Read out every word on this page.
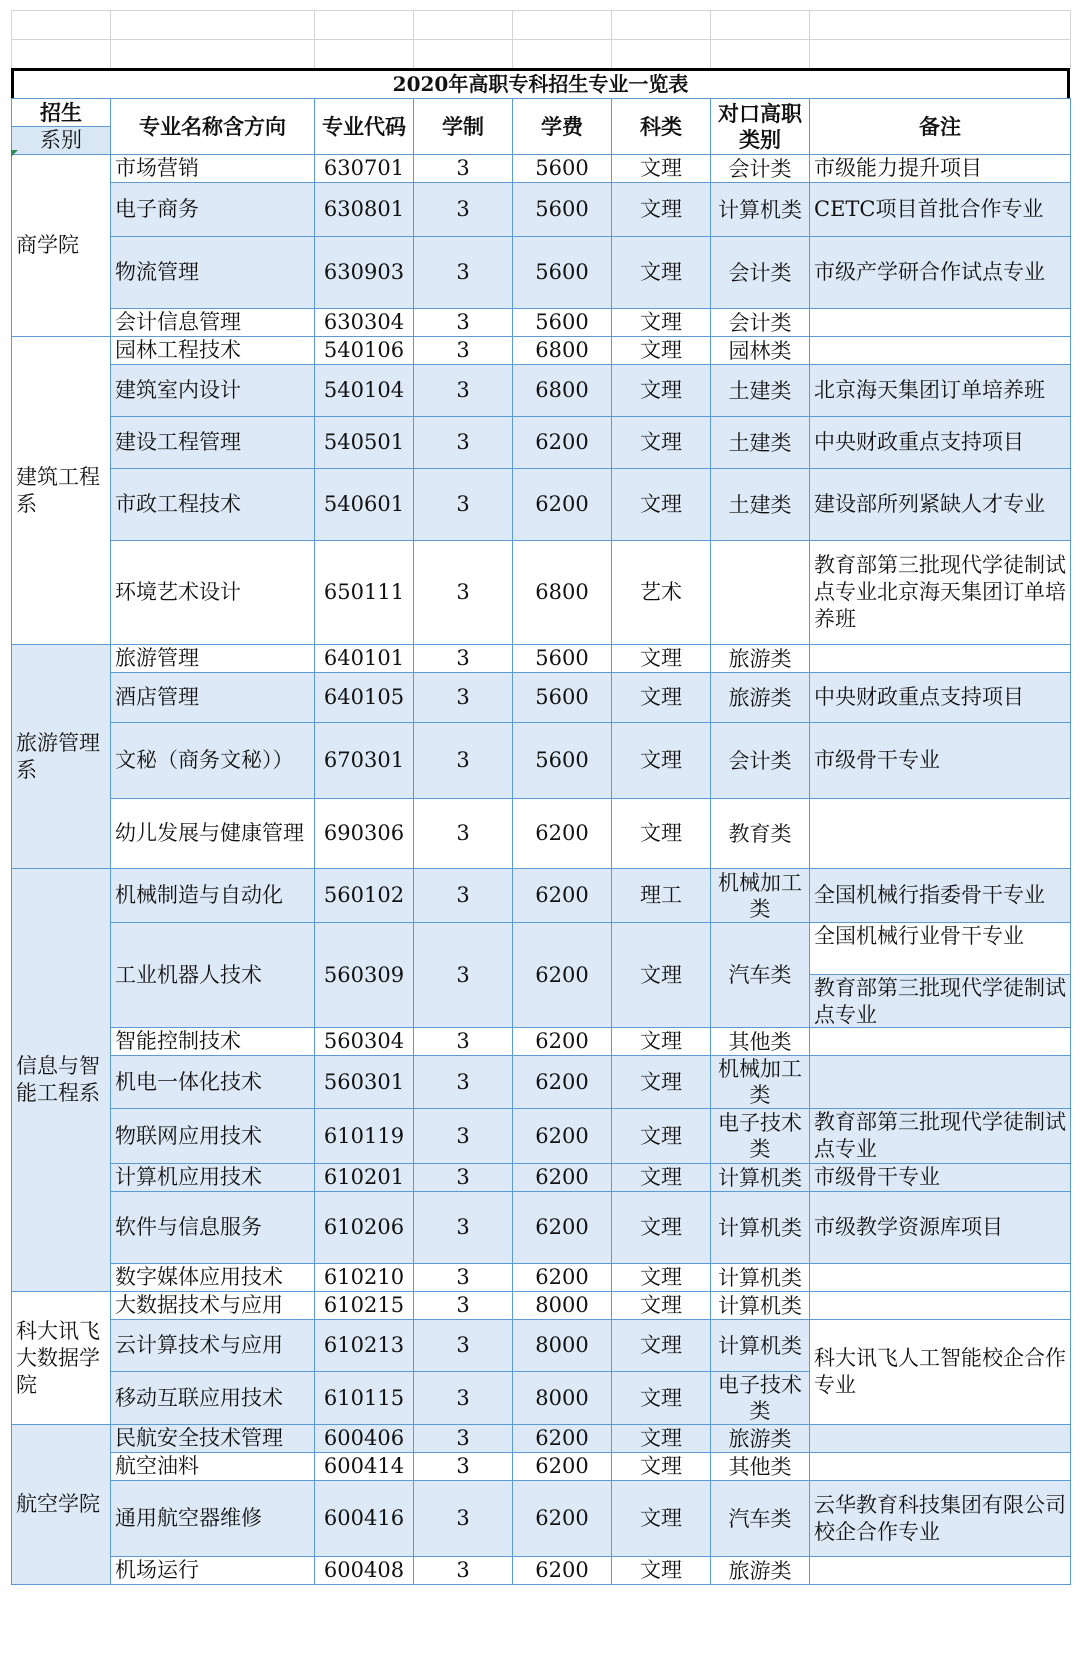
2020年高职专科招生专业一览表
招生	专业名称含方向	专业代码	学制	学费	科类	对口高职类别	备注
系别							
商学院	市场营销	630701	3	5600	文理	会计类	市级能力提升项目
	电子商务	630801	3	5600	文理	计算机类	CETC项目首批合作专业
	物流管理	630903	3	5600	文理	会计类	市级产学研合作试点专业
	会计信息管理	630304	3	5600	文理	会计类	
建筑工程系	园林工程技术	540106	3	6800	文理	园林类	
	建筑室内设计	540104	3	6800	文理	土建类	北京海天集团订单培养班
	建设工程管理	540501	3	6200	文理	土建类	中央财政重点支持项目
	市政工程技术	540601	3	6200	文理	土建类	建设部所列紧缺人才专业
	环境艺术设计	650111	3	6800	艺术		教育部第三批现代学徒制试点专业北京海天集团订单培养班
旅游管理系	旅游管理	640101	3	5600	文理	旅游类	
	酒店管理	640105	3	5600	文理	旅游类	中央财政重点支持项目
	文秘（商务文秘））	670301	3	5600	文理	会计类	市级骨干专业
	幼儿发展与健康管理	690306	3	6200	文理	教育类	
信息与智能工程系	机械制造与自动化	560102	3	6200	理工	机械加工类	全国机械行指委骨干专业
	工业机器人技术	560309	3	6200	文理	汽车类	全国机械行业骨干专业
教育部第三批现代学徒制试点专业

	智能控制技术	560304	3	6200	文理	其他类	
	机电一体化技术	560301	3	6200	文理	机械加工类	
	物联网应用技术	610119	3	6200	文理	电子技术类	教育部第三批现代学徒制试点专业
	计算机应用技术	610201	3	6200	文理	计算机类	市级骨干专业
	软件与信息服务	610206	3	6200	文理	计算机类	市级教学资源库项目
	数字媒体应用技术	610210	3	6200	文理	计算机类	
科大讯飞大数据学院	大数据技术与应用	610215	3	8000	文理	计算机类	
	云计算技术与应用	610213	3	8000	文理	计算机类	科大讯飞人工智能校企合作专业
	移动互联应用技术	610115	3	8000	文理	电子技术类	
航空学院	民航安全技术管理	600406	3	6200	文理	旅游类	
	航空油料	600414	3	6200	文理	其他类	
	通用航空器维修	600416	3	6200	文理	汽车类	云华教育科技集团有限公司校企合作专业
	机场运行	600408	3	6200	文理	旅游类	
